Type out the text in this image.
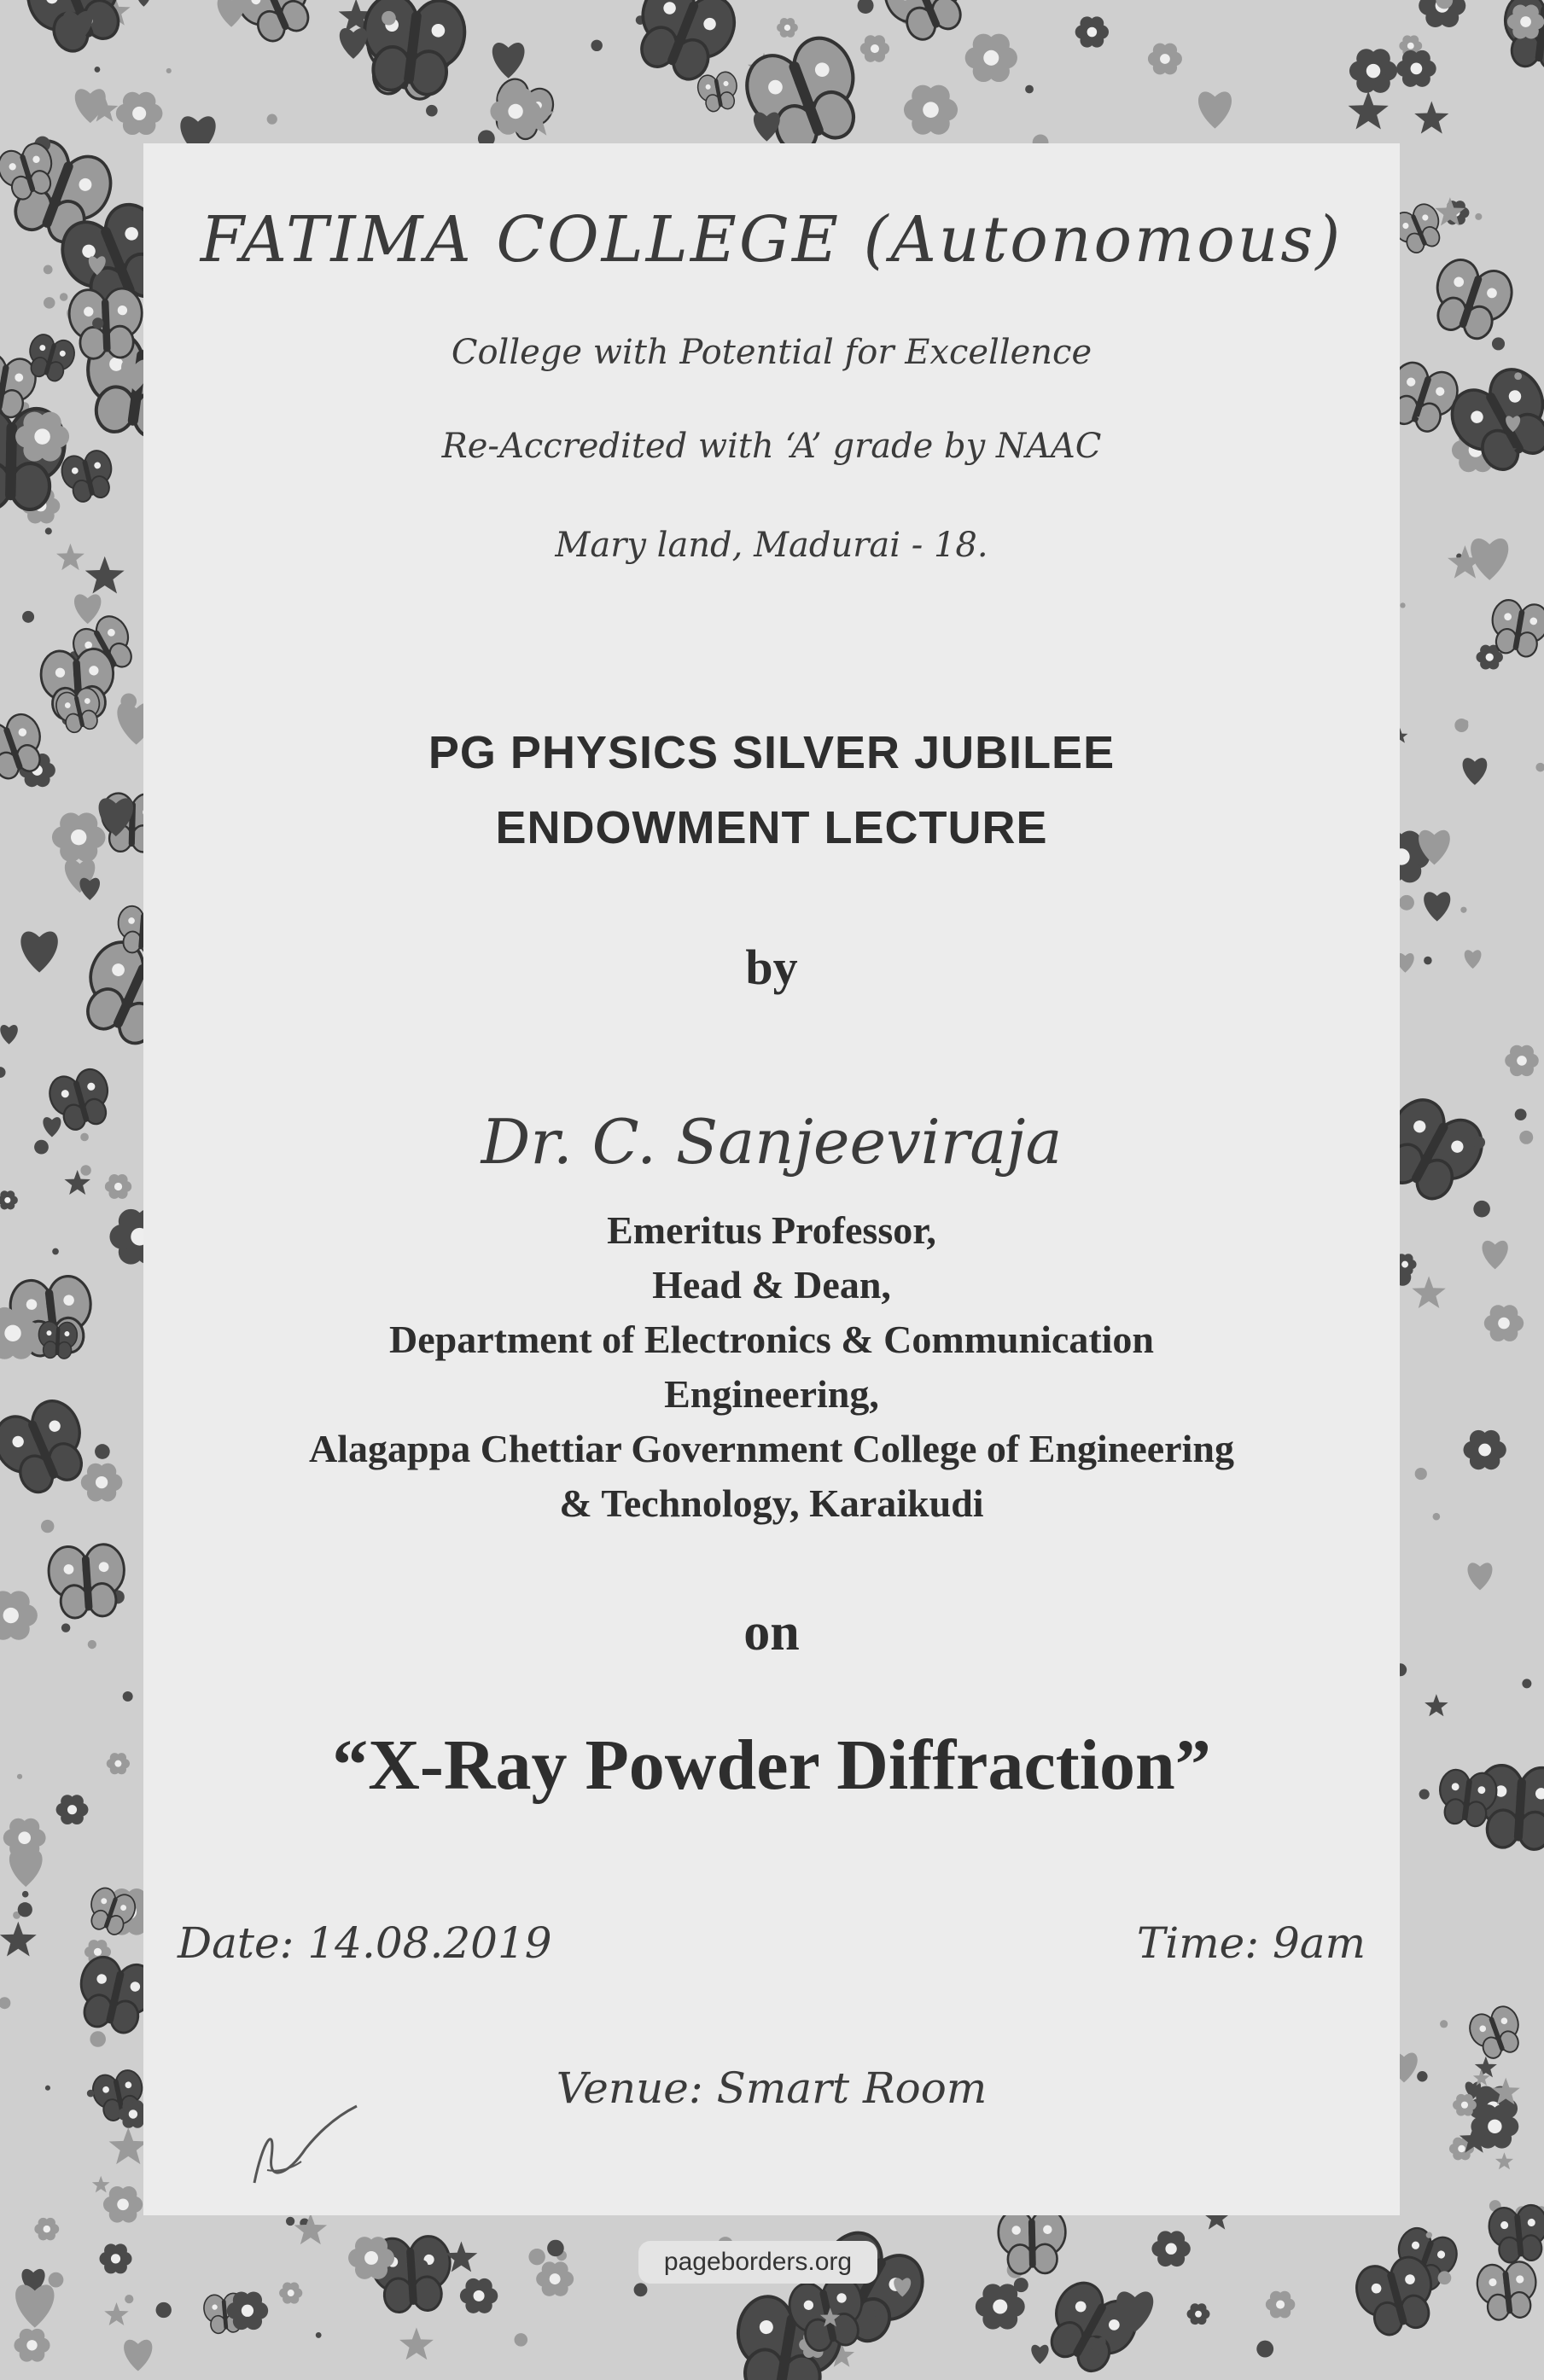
FATIMA COLLEGE (Autonomous)
College with Potential for Excellence
Re-Accredited with ‘A’ grade by NAAC
Mary land, Madurai - 18.
PG PHYSICS SILVER JUBILEE
ENDOWMENT LECTURE
by
Dr. C. Sanjeeviraja
Emeritus Professor,
Head & Dean,
Department of Electronics & Communication
Engineering,
Alagappa Chettiar Government College of Engineering
& Technology, Karaikudi
on
“X-Ray Powder Diffraction”
Date: 14.08.2019	Time: 9am
Venue: Smart Room
pageborders.org
